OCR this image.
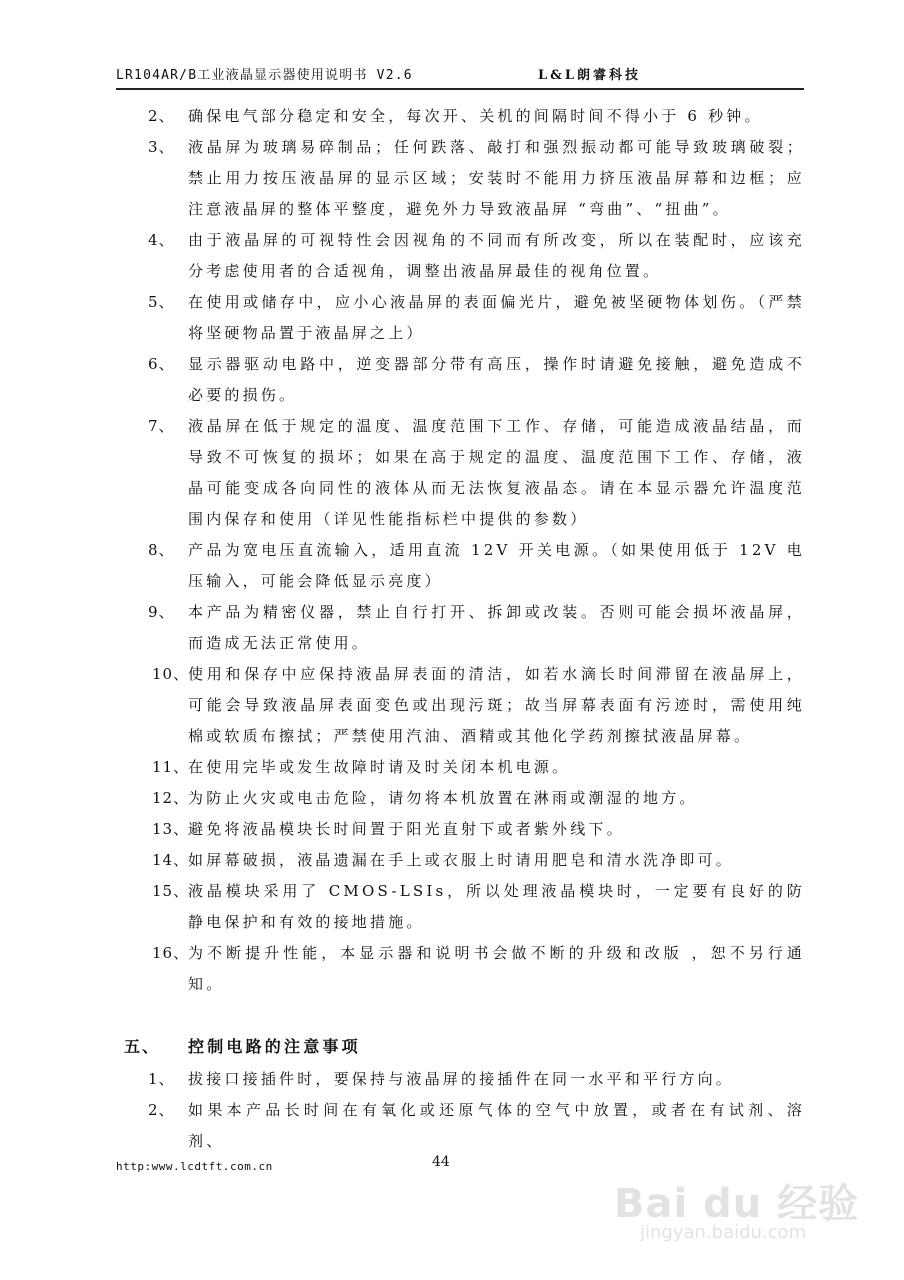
LR104AR/B工业液晶显示器使用说明书 V2.6	L&L朗睿科技
2、 确保电气部分稳定和安全，每次开、关机的间隔时间不得小于 6 秒钟。
3、 液晶屏为玻璃易碎制品；任何跌落、敲打和强烈振动都可能导致玻璃破裂；禁止用力按压液晶屏的显示区域；安装时不能用力挤压液晶屏幕和边框；应注意液晶屏的整体平整度，避免外力导致液晶屏 “弯曲”、“扭曲”。
4、 由于液晶屏的可视特性会因视角的不同而有所改变，所以在装配时，应该充分考虑使用者的合适视角，调整出液晶屏最佳的视角位置。
5、 在使用或储存中，应小心液晶屏的表面偏光片，避免被坚硬物体划伤。（严禁将坚硬物品置于液晶屏之上）
6、 显示器驱动电路中，逆变器部分带有高压，操作时请避免接触，避免造成不必要的损伤。
7、 液晶屏在低于规定的温度、温度范围下工作、存储，可能造成液晶结晶，而导致不可恢复的损坏；如果在高于规定的温度、温度范围下工作、存储，液晶可能变成各向同性的液体从而无法恢复液晶态。请在本显示器允许温度范围内保存和使用（详见性能指标栏中提供的参数）
8、 产品为宽电压直流输入，适用直流 12V 开关电源。（如果使用低于 12V 电压输入，可能会降低显示亮度）
9、 本产品为精密仪器，禁止自行打开、拆卸或改装。否则可能会损坏液晶屏，而造成无法正常使用。
10、
使用和保存中应保持液晶屏表面的清洁，如若水滴长时间滞留在液晶屏上，可能会导致液晶屏表面变色或出现污斑；故当屏幕表面有污迹时，需使用纯棉或软质布擦拭；严禁使用汽油、酒精或其他化学药剂擦拭液晶屏幕。
11、
在使用完毕或发生故障时请及时关闭本机电源。
12、
为防止火灾或电击危险，请勿将本机放置在淋雨或潮湿的地方。
13、
避免将液晶模块长时间置于阳光直射下或者紫外线下。
14、
如屏幕破损，液晶遗漏在手上或衣服上时请用肥皂和清水洗净即可。
15、
液晶模块采用了 CMOS-LSIs，所以处理液晶模块时，一定要有良好的防静电保护和有效的接地措施。
16、
为不断提升性能，本显示器和说明书会做不断的升级和改版 ，恕不另行通知。
五、 控制电路的注意事项
1、 拔接口接插件时，要保持与液晶屏的接插件在同一水平和平行方向。
2、 如果本产品长时间在有氧化或还原气体的空气中放置，或者在有试剂、溶剂、
http:www.lcdtft.com.cn	44
Bai du 经验
jingyan.baidu.com
